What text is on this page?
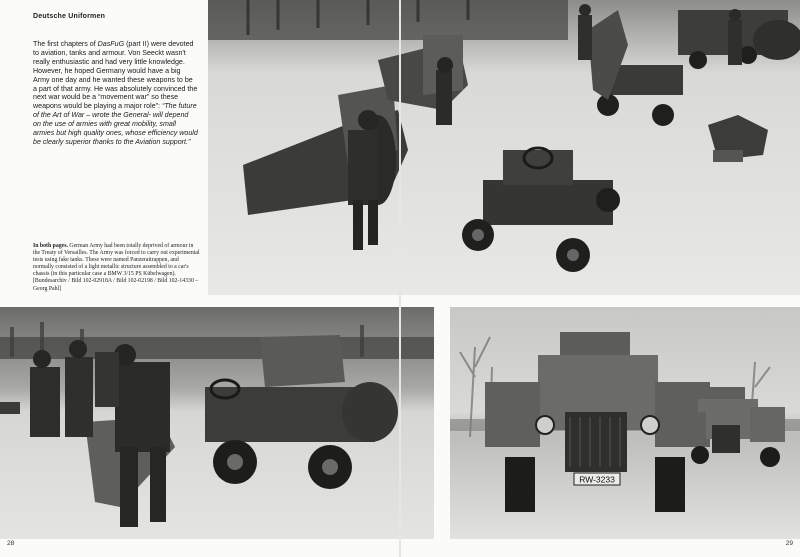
Deutsche Uniformen
The first chapters of DasFuG (part II) were devoted to aviation, tanks and armour. Von Seeckt wasn't really enthusiastic and had very little knowledge. However, he hoped Germany would have a big Army one day and he wanted these weapons to be a part of that army. He was absolutely convinced the next war would be a “movement war” so these weapons would be playing a major role”: “The future of the Art of War – wrote the General- will depend on the use of armies with great mobility, small armies but high quality ones, whose efficiency would be clearly superior thanks to the Aviation support.”
In both pages. German Army had been totally deprived of armour in the Treaty of Versailles. The Army was forced to carry out experimental tests using fake tanks. These were named Panzerattrappen, and normally consisted of a light metallic structure assembled to a car's chassis (in this particular case a BMW 3/15 PS Kübelwagen). [Bundesarchiv / Bild 102-02918A / Bild 102-02198 / Bild 102-14330 – Georg Pahl]
28	29
RW-3233
